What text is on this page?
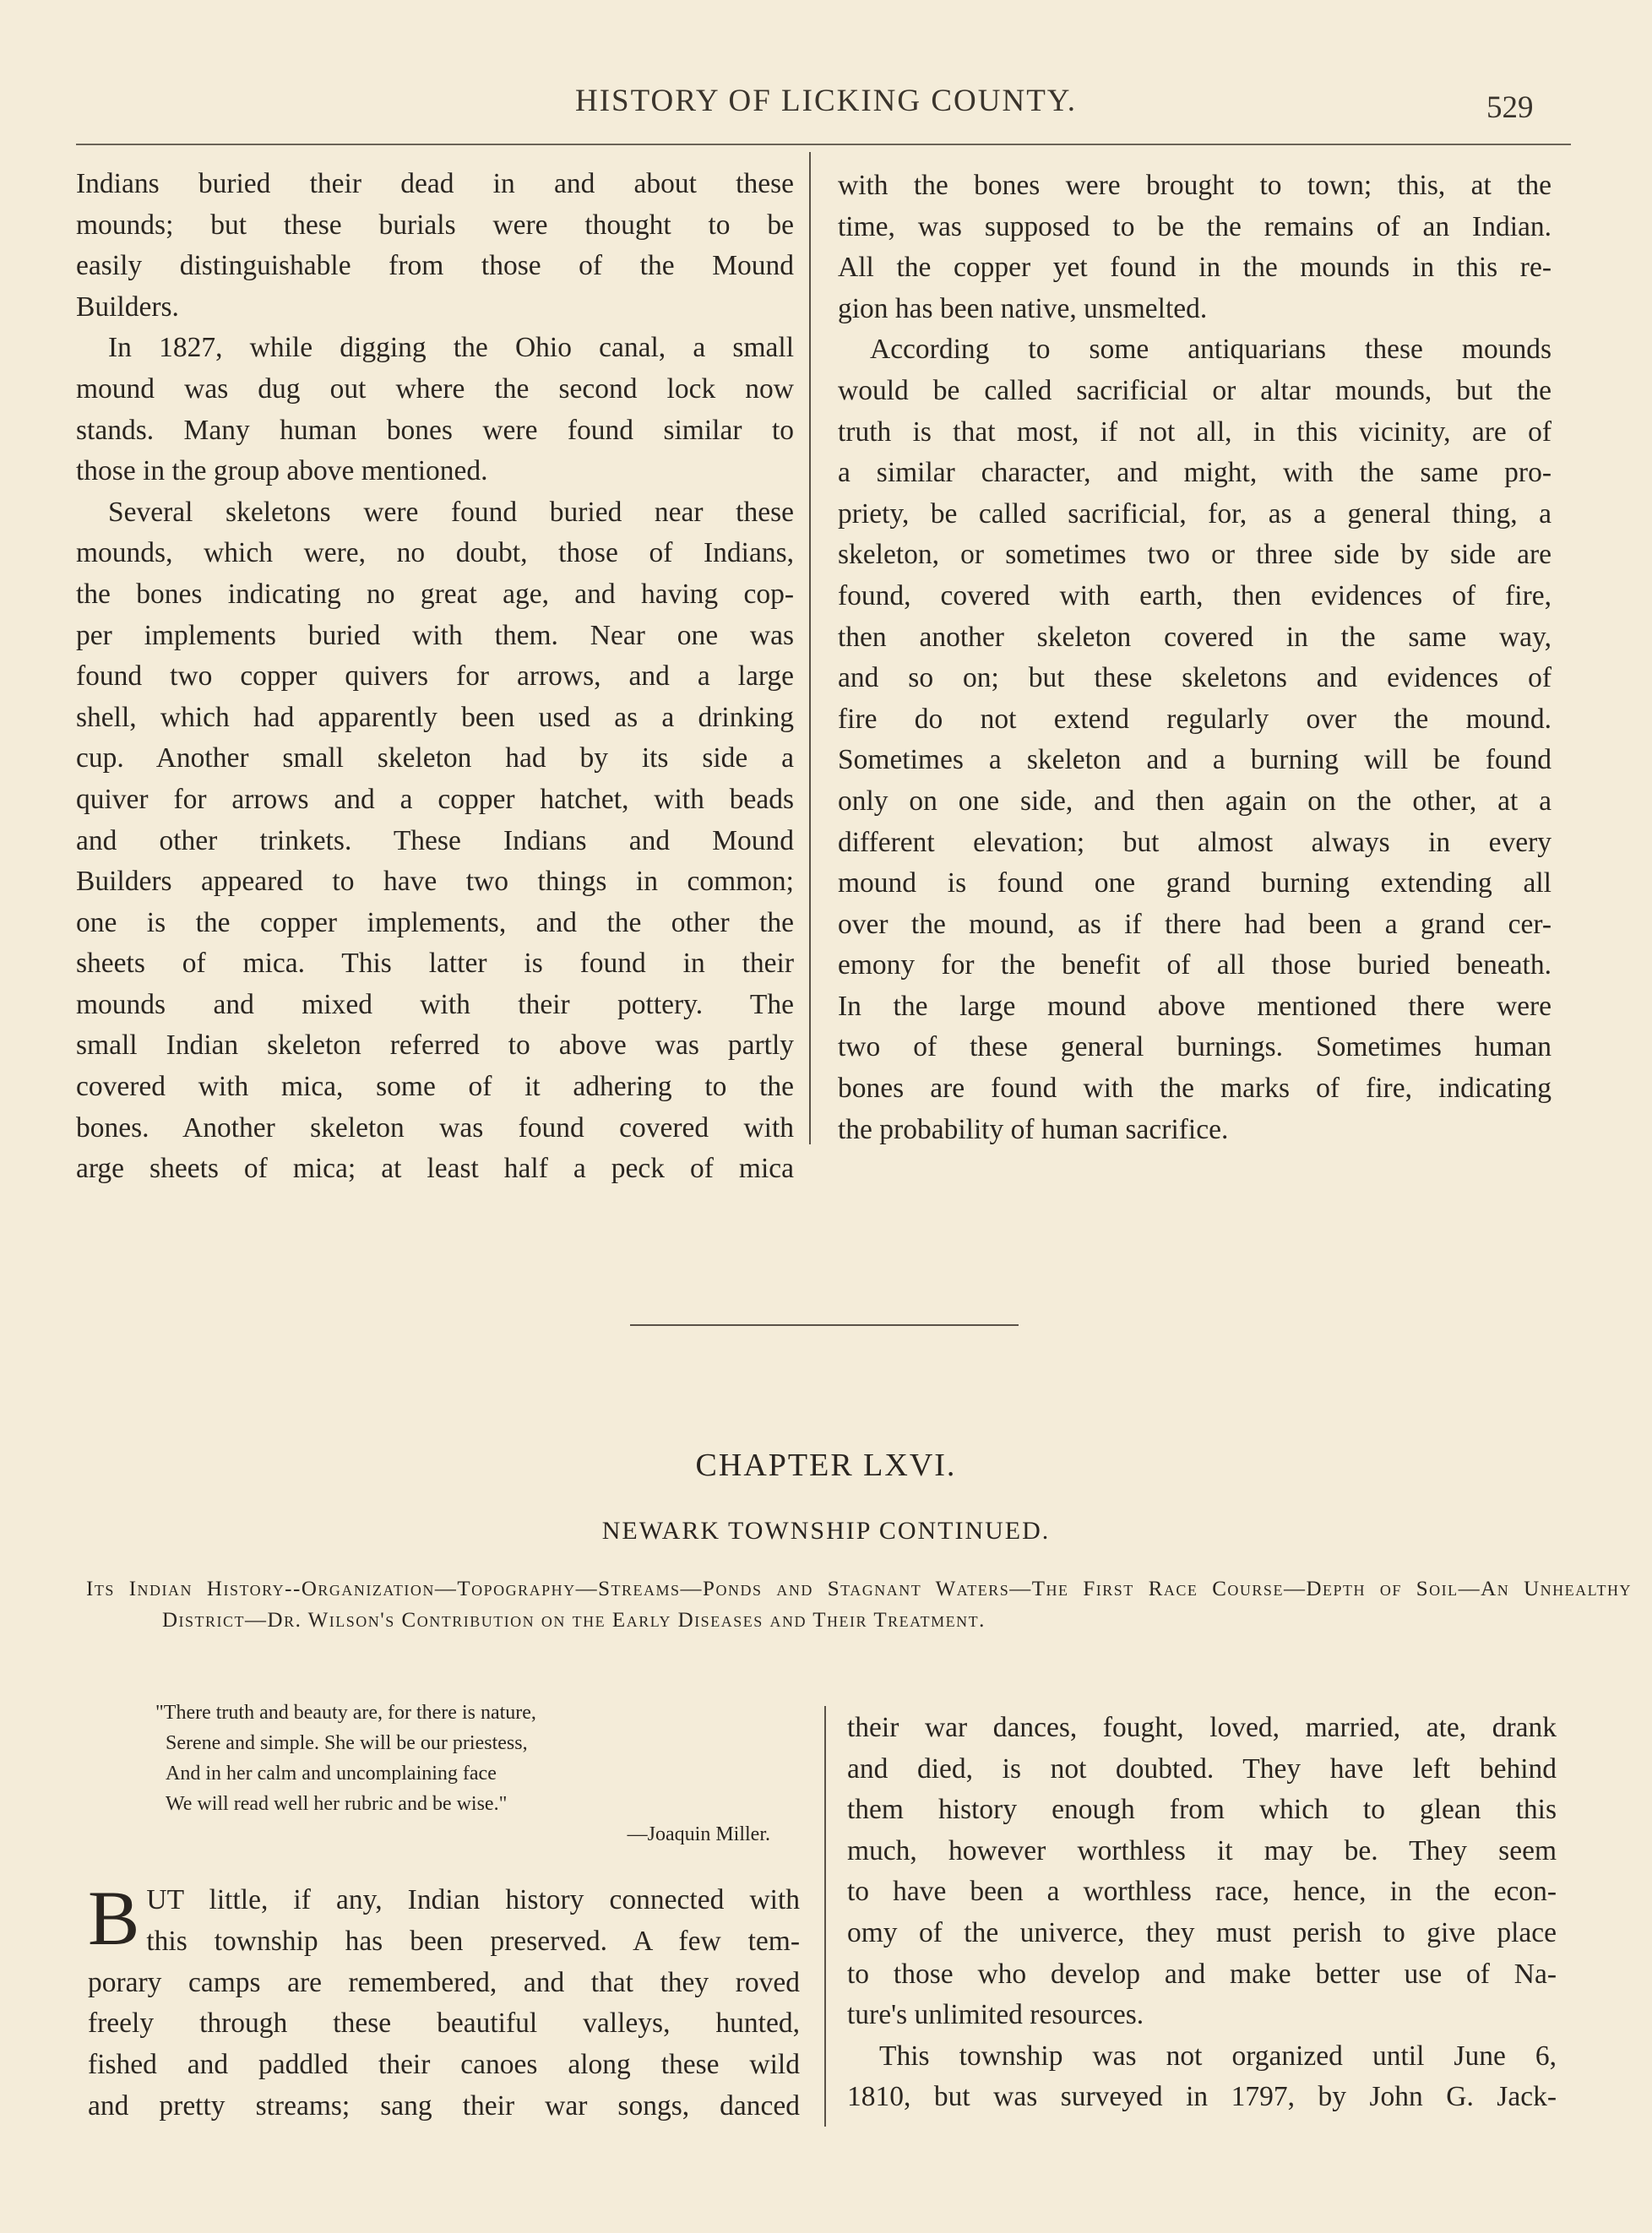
HISTORY OF LICKING COUNTY.	529
Indians buried their dead in and about these
mounds; but these burials were thought to be
easily distinguishable from those of the Mound
Builders.
In 1827, while digging the Ohio canal, a small
mound was dug out where the second lock now
stands. Many human bones were found similar to
those in the group above mentioned.
Several skeletons were found buried near these
mounds, which were, no doubt, those of Indians,
the bones indicating no great age, and having cop-
per implements buried with them. Near one was
found two copper quivers for arrows, and a large
shell, which had apparently been used as a drinking
cup. Another small skeleton had by its side a
quiver for arrows and a copper hatchet, with beads
and other trinkets. These Indians and Mound
Builders appeared to have two things in common;
one is the copper implements, and the other the
sheets of mica. This latter is found in their
mounds and mixed with their pottery. The
small Indian skeleton referred to above was partly
covered with mica, some of it adhering to the
bones. Another skeleton was found covered with
arge sheets of mica; at least half a peck of mica
with the bones were brought to town; this, at the
time, was supposed to be the remains of an Indian.
All the copper yet found in the mounds in this re-
gion has been native, unsmelted.
According to some antiquarians these mounds
would be called sacrificial or altar mounds, but the
truth is that most, if not all, in this vicinity, are of
a similar character, and might, with the same pro-
priety, be called sacrificial, for, as a general thing, a
skeleton, or sometimes two or three side by side are
found, covered with earth, then evidences of fire,
then another skeleton covered in the same way,
and so on; but these skeletons and evidences of
fire do not extend regularly over the mound.
Sometimes a skeleton and a burning will be found
only on one side, and then again on the other, at a
different elevation; but almost always in every
mound is found one grand burning extending all
over the mound, as if there had been a grand cer-
emony for the benefit of all those buried beneath.
In the large mound above mentioned there were
two of these general burnings. Sometimes human
bones are found with the marks of fire, indicating
the probability of human sacrifice.
CHAPTER LXVI.
NEWARK TOWNSHIP CONTINUED.
Its Indian History--Organization—Topography—Streams—Ponds and Stagnant Waters—The First Race Course—Depth of Soil—An Unhealthy District—Dr. Wilson's Contribution on the Early Diseases and Their Treatment.
"There truth and beauty are, for there is nature,
Serene and simple. She will be our priestess,
And in her calm and uncomplaining face
We will read well her rubric and be wise."
—Joaquin Miller.
B UT little, if any, Indian history connected with
this township has been preserved. A few tem-
porary camps are remembered, and that they roved
freely through these beautiful valleys, hunted,
fished and paddled their canoes along these wild
and pretty streams; sang their war songs, danced
their war dances, fought, loved, married, ate, drank
and died, is not doubted. They have left behind
them history enough from which to glean this
much, however worthless it may be. They seem
to have been a worthless race, hence, in the econ-
omy of the univerce, they must perish to give place
to those who develop and make better use of Na-
ture's unlimited resources.
This township was not organized until June 6,
1810, but was surveyed in 1797, by John G. Jack-
